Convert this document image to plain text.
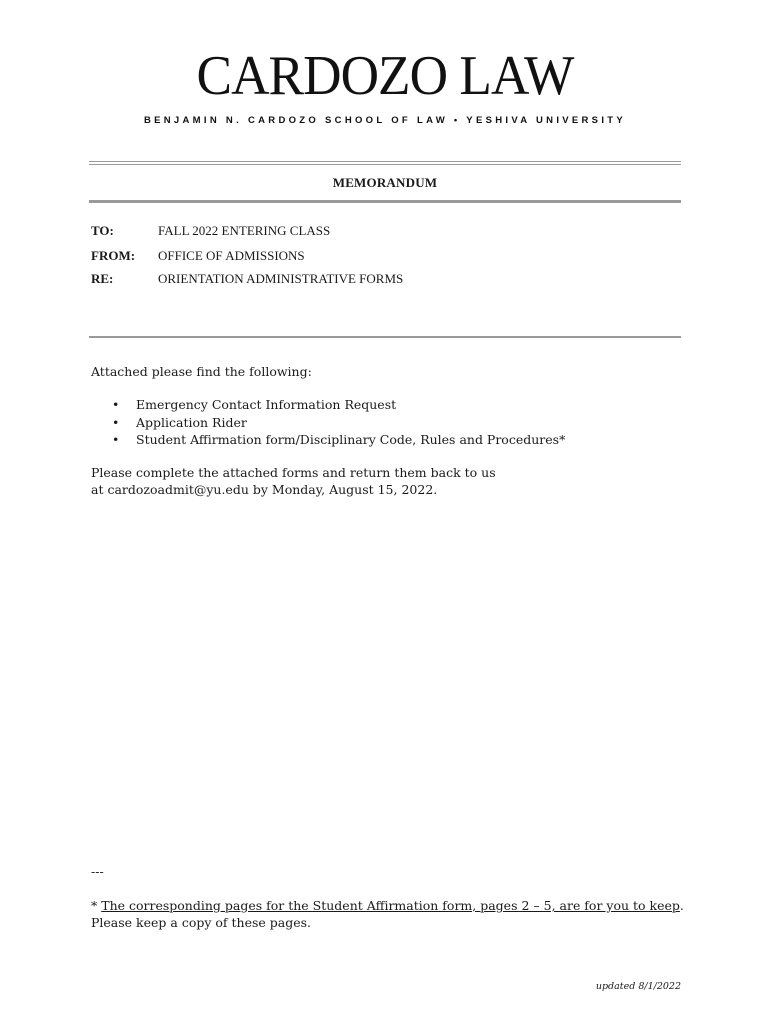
CARDOZO LAW
BENJAMIN N. CARDOZO SCHOOL OF LAW • YESHIVA UNIVERSITY
MEMORANDUM
TO:	FALL 2022 ENTERING CLASS
FROM: OFFICE OF ADMISSIONS
RE:	ORIENTATION ADMINISTRATIVE FORMS
Attached please find the following:
• Emergency Contact Information Request
• Application Rider
• Student Affirmation form/Disciplinary Code, Rules and Procedures*
Please complete the attached forms and return them back to us
at cardozoadmit@yu.edu by Monday, August 15, 2022.
---
* The corresponding pages for the Student Affirmation form, pages 2 – 5, are for you to keep. Please keep a copy of these pages.
updated 8/1/2022
